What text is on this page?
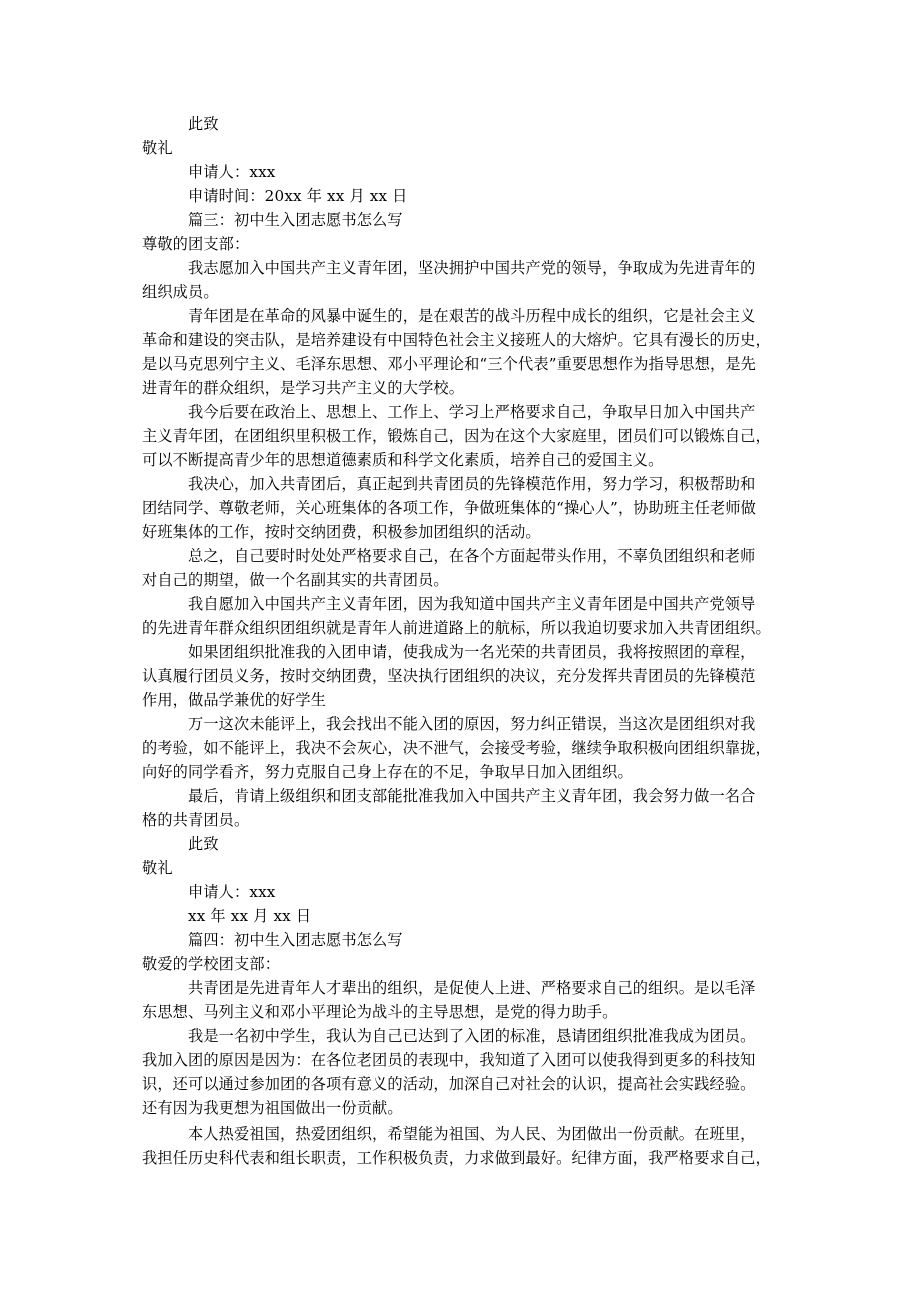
此致
敬礼
申请人：xxx
申请时间：20xx 年 xx 月 xx 日
篇三：初中生入团志愿书怎么写
尊敬的团支部：
我志愿加入中国共产主义青年团，坚决拥护中国共产党的领导，争取成为先进青年的
组织成员。
青年团是在革命的风暴中诞生的，是在艰苦的战斗历程中成长的组织，它是社会主义
革命和建设的突击队，是培养建设有中国特色社会主义接班人的大熔炉。它具有漫长的历史，
是以马克思列宁主义、毛泽东思想、邓小平理论和“三个代表”重要思想作为指导思想，是先
进青年的群众组织，是学习共产主义的大学校。
我今后要在政治上、思想上、工作上、学习上严格要求自己，争取早日加入中国共产
主义青年团，在团组织里积极工作，锻炼自己，因为在这个大家庭里，团员们可以锻炼自己，
可以不断提高青少年的思想道德素质和科学文化素质，培养自己的爱国主义。
我决心，加入共青团后，真正起到共青团员的先锋模范作用，努力学习，积极帮助和
团结同学、尊敬老师，关心班集体的各项工作，争做班集体的“操心人”，协助班主任老师做
好班集体的工作，按时交纳团费，积极参加团组织的活动。
总之，自己要时时处处严格要求自己，在各个方面起带头作用，不辜负团组织和老师
对自己的期望，做一个名副其实的共青团员。
我自愿加入中国共产主义青年团，因为我知道中国共产主义青年团是中国共产党领导
的先进青年群众组织团组织就是青年人前进道路上的航标，所以我迫切要求加入共青团组织。
如果团组织批准我的入团申请，使我成为一名光荣的共青团员，我将按照团的章程，
认真履行团员义务，按时交纳团费，坚决执行团组织的决议，充分发挥共青团员的先锋模范
作用，做品学兼优的好学生
万一这次未能评上，我会找出不能入团的原因，努力纠正错误，当这次是团组织对我
的考验，如不能评上，我决不会灰心，决不泄气，会接受考验，继续争取积极向团组织靠拢，
向好的同学看齐，努力克服自己身上存在的不足，争取早日加入团组织。
最后，肯请上级组织和团支部能批准我加入中国共产主义青年团，我会努力做一名合
格的共青团员。
此致
敬礼
申请人：xxx
xx 年 xx 月 xx 日
篇四：初中生入团志愿书怎么写
敬爱的学校团支部：
共青团是先进青年人才辈出的组织，是促使人上进、严格要求自己的组织。是以毛泽
东思想、马列主义和邓小平理论为战斗的主导思想，是党的得力助手。
我是一名初中学生，我认为自己已达到了入团的标准，恳请团组织批准我成为团员。
我加入团的原因是因为：在各位老团员的表现中，我知道了入团可以使我得到更多的科技知
识，还可以通过参加团的各项有意义的活动，加深自己对社会的认识，提高社会实践经验。
还有因为我更想为祖国做出一份贡献。
本人热爱祖国，热爱团组织，希望能为祖国、为人民、为团做出一份贡献。在班里，
我担任历史科代表和组长职责，工作积极负责，力求做到最好。纪律方面，我严格要求自己，
